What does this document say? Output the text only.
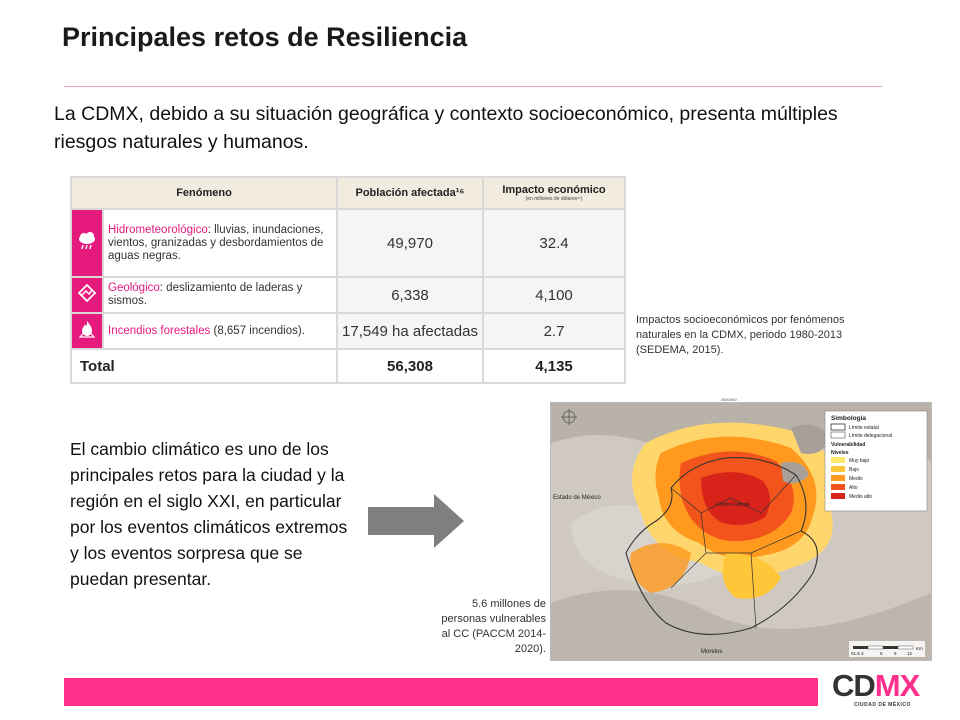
Principales retos de Resiliencia
La CDMX, debido a su situación geográfica y contexto socioeconómico, presenta múltiples riesgos naturales y humanos.
Fenómeno		Población afectada¹⁶	Impacto económico
(en millones de dólares¹⁷)

	Hidrometeorológico: lluvias, inundaciones, vientos, granizadas y desbordamientos de aguas negras.	49,970	32.4
	Geológico: deslizamiento de laderas y sismos.	6,338	4,100
	Incendios forestales (8,657 incendios).	17,549 ha afectadas	2.7
Total		56,308	4,135
Impactos socioeconómicos por fenómenos naturales en la CDMX, periodo 1980-2013 (SEDEMA, 2015).
El cambio climático es uno de los principales retos para la ciudad y la región en el siglo XXI, en particular por los eventos climáticos extremos y los eventos sorpresa que se puedan presentar.
Estado de México
Morelos
Centro Federal
2800000
Simbología
Límite estatal
Límite delegacional
Vulnerabilidad
Niveles
Muy bajo
Bajo
Medio
Alto
Medio alto
01.5 3	6	9 12
Km
5.6 millones de personas vulnerables al CC (PACCM 2014-2020).
CDMX
CIUDAD DE MÉXICO
